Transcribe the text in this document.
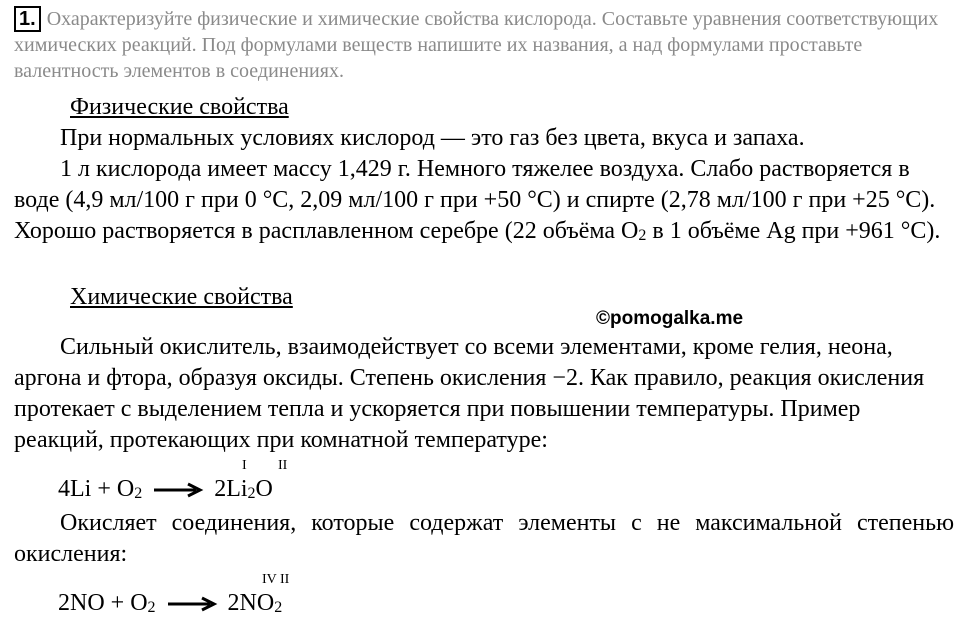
1. Охарактеризуйте физические и химические свойства кислорода. Составьте уравнения соответствующих химических реакций. Под формулами веществ напишите их названия, а над формулами проставьте валентность элементов в соединениях.
Физические свойства

При нормальных условиях кислород — это газ без цвета, вкуса и запаха.

1 л кислорода имеет массу 1,429 г. Немного тяжелее воздуха. Слабо растворяется в воде (4,9 мл/100 г при 0 °С, 2,09 мл/100 г при +50 °С) и спирте (2,78 мл/100 г при +25 °С). Хорошо растворяется в расплавленном серебре (22 объёма $O_2$ в 1 объёме Ag при +961 °С).

Химические свойства
©pomogalka.me

Сильный окислитель, взаимодействует со всеми элементами, кроме гелия, неона, аргона и фтора, образуя оксиды. Степень окисления −2. Как правило, реакция окисления протекает с выделением тепла и ускоряется при повышении температуры. Пример реакций, протекающих при комнатной температуре:

I II
$4Li + O_2 \to 2Li_2O$

Окисляет соединения, которые содержат элементы с не максимальной степенью окисления:

IV II
$2NO + O_2 \to 2NO_2$
